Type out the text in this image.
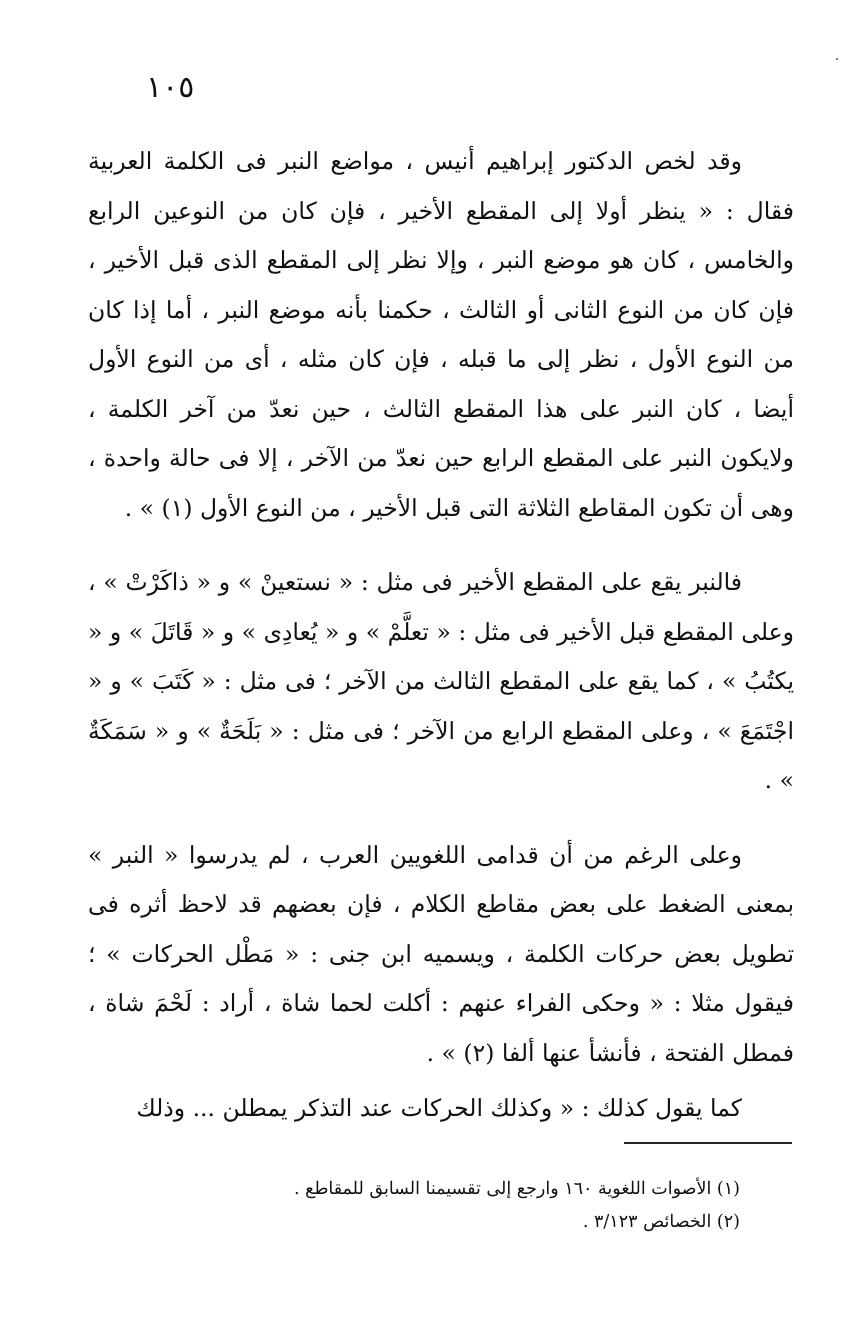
١٠٥

وقد لخص الدكتور إبراهيم أنيس ، مواضع النبر فى الكلمة العربية فقال : « ينظر أولا إلى المقطع الأخير ، فإن كان من النوعين الرابع والخامس ، كان هو موضع النبر ، وإلا نظر إلى المقطع الذى قبل الأخير ، فإن كان من النوع الثانى أو الثالث ، حكمنا بأنه موضع النبر ، أما إذا كان من النوع الأول ، نظر إلى ما قبله ، فإن كان مثله ، أى من النوع الأول أيضا ، كان النبر على هذا المقطع الثالث ، حين نعدّ من آخر الكلمة ، ولايكون النبر على المقطع الرابع حين نعدّ من الآخر ، إلا فى حالة واحدة ، وهى أن تكون المقاطع الثلاثة التى قبل الأخير ، من النوع الأول (١) » .

فالنبر يقع على المقطع الأخير فى مثل : « نستعينْ » و « ذاكَرْتْ » ، وعلى المقطع قبل الأخير فى مثل : « تعلَّمْ » و « يُعادِى » و « قَاتَلَ » و « يكتُبُ » ، كما يقع على المقطع الثالث من الآخر ؛ فى مثل : « كَتَبَ » و « اجْتَمَعَ » ، وعلى المقطع الرابع من الآخر ؛ فى مثل : « بَلَحَةٌ » و « سَمَكَةٌ » .

وعلى الرغم من أن قدامى اللغويين العرب ، لم يدرسوا « النبر » بمعنى الضغط على بعض مقاطع الكلام ، فإن بعضهم قد لاحظ أثره فى تطويل بعض حركات الكلمة ، ويسميه ابن جنى : « مَطْل الحركات » ؛ فيقول مثلا : « وحكى الفراء عنهم : أكلت لحما شاة ، أراد : لَحْمَ شاة ، فمطل الفتحة ، فأنشأ عنها ألفا (٢) » .

كما يقول كذلك : « وكذلك الحركات عند التذكر يمطلن ... وذلك

(١) الأصوات اللغوية ١٦٠ وارجع إلى تقسيمنا السابق للمقاطع .

(٢) الخصائص ٣/١٢٣ .
